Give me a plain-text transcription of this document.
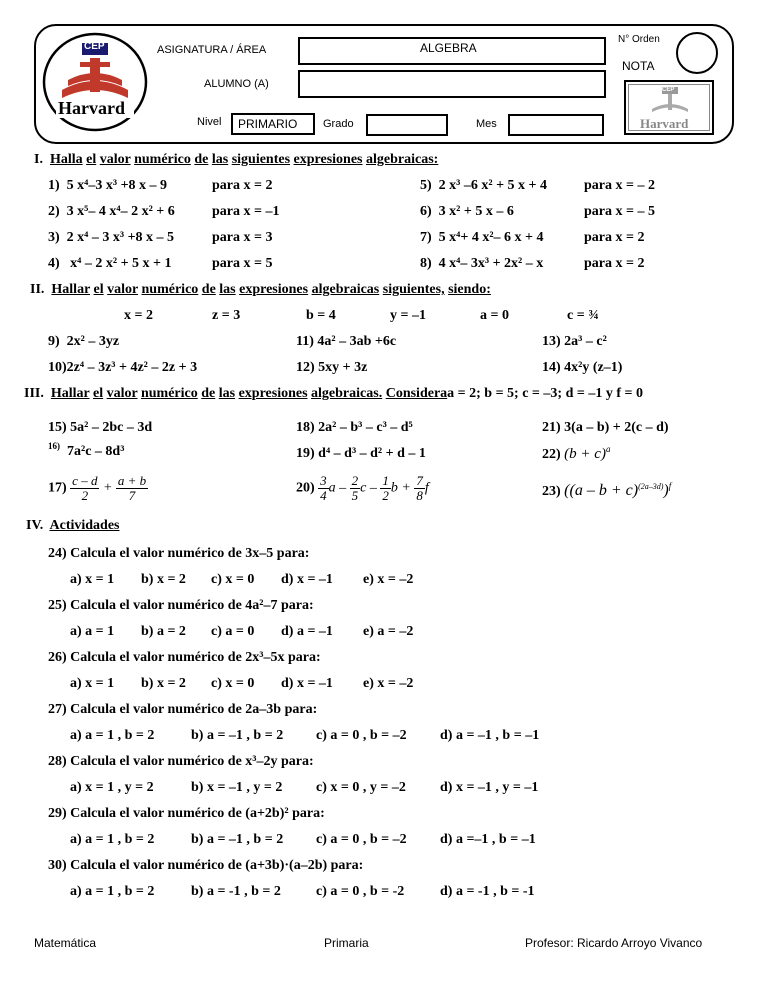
CEP
Harvard
ASIGNATURA / ÁREA	ALGEBRA
ALUMNO (A)
Nivel PRIMARIO Grado	Mes
N° Orden
NOTA
CEP
Harvard
I. Halla el valor numérico de las siguientes expresiones algebraicas:
1) 5 x⁴–3 x³ +8 x – 9	para x = 2
2) 3 x⁵– 4 x⁴– 2 x² + 6	para x = –1
3) 2 x⁴ – 3 x³ +8 x – 5	para x = 3
4) x⁴ – 2 x² + 5 x + 1	para x = 5
5) 2 x³ –6 x² + 5 x + 4	para x = – 2
6) 3 x² + 5 x – 6	para x = – 5
7) 5 x⁴+ 4 x²– 6 x + 4	para x = 2
8) 4 x⁴– 3x³ + 2x² – x	para x = 2
II. Hallar el valor numérico de las expresiones algebraicas siguientes, siendo:
x = 2	z = 3	b = 4	y = –1	a = 0	c = ¾
9) 2x² – 3yz
10)2z⁴ – 3z³ + 4z² – 2z + 3
11) 4a² – 3ab +6c
12) 5xy + 3z
13) 2a³ – c²
14) 4x²y (z–1)
III. Hallar el valor numérico de las expresiones algebraicas. Consideraa = 2; b = 5; c = –3; d = –1 y f = 0
15) 5a² – 2bc – 3d
$^{16)}$ 7a²c – 8d³
$17) \frac{c - d}{2} + \frac{a + b}{7}$
18) 2a² – b³ – c³ – d⁵
19) d⁴ – d³ – d² + d – 1
$20) \frac{3}{4}$ a – $\frac{2}{5}$ c – $\frac{1}{2}$ $b + \frac{7}{8}$ f
21) 3(a – b) + 2(c – d)
22) $(b + c)^a$
23) $((a - b + c)^{(2a-3d)})^f$
IV. Actividades
24) Calcula el valor numérico de 3x–5 para:
a) x = 1 b) x = 2 c) x = 0 d) x = –1 e) x = –2
25) Calcula el valor numérico de 4a²–7 para:
a) a = 1 b) a = 2 c) a = 0 d) a = –1 e) a = –2
26) Calcula el valor numérico de 2x³–5x para:
a) x = 1 b) x = 2 c) x = 0 d) x = –1 e) x = –2
27) Calcula el valor numérico de 2a–3b para:
a) a = 1 , b = 2	b) a = –1 , b = 2 c) a = 0 , b = –2 d) a = –1 , b = –1
28) Calcula el valor numérico de x³–2y para:
a) x = 1 , y = 2	b) x = –1 , y = 2 c) x = 0 , y = –2 d) x = –1 , y = –1
29) Calcula el valor numérico de (a+2b)² para:
a) a = 1 , b = 2	b) a = –1 , b = 2 c) a = 0 , b = –2 d) a =–1 , b = –1
30) Calcula el valor numérico de (a+3b)·(a–2b) para:
a) a = 1 , b = 2	b) a = -1 , b = 2	c) a = 0 , b = -2	d) a = -1 , b = -1
Matemática	Primaria	Profesor: Ricardo Arroyo Vivanco
